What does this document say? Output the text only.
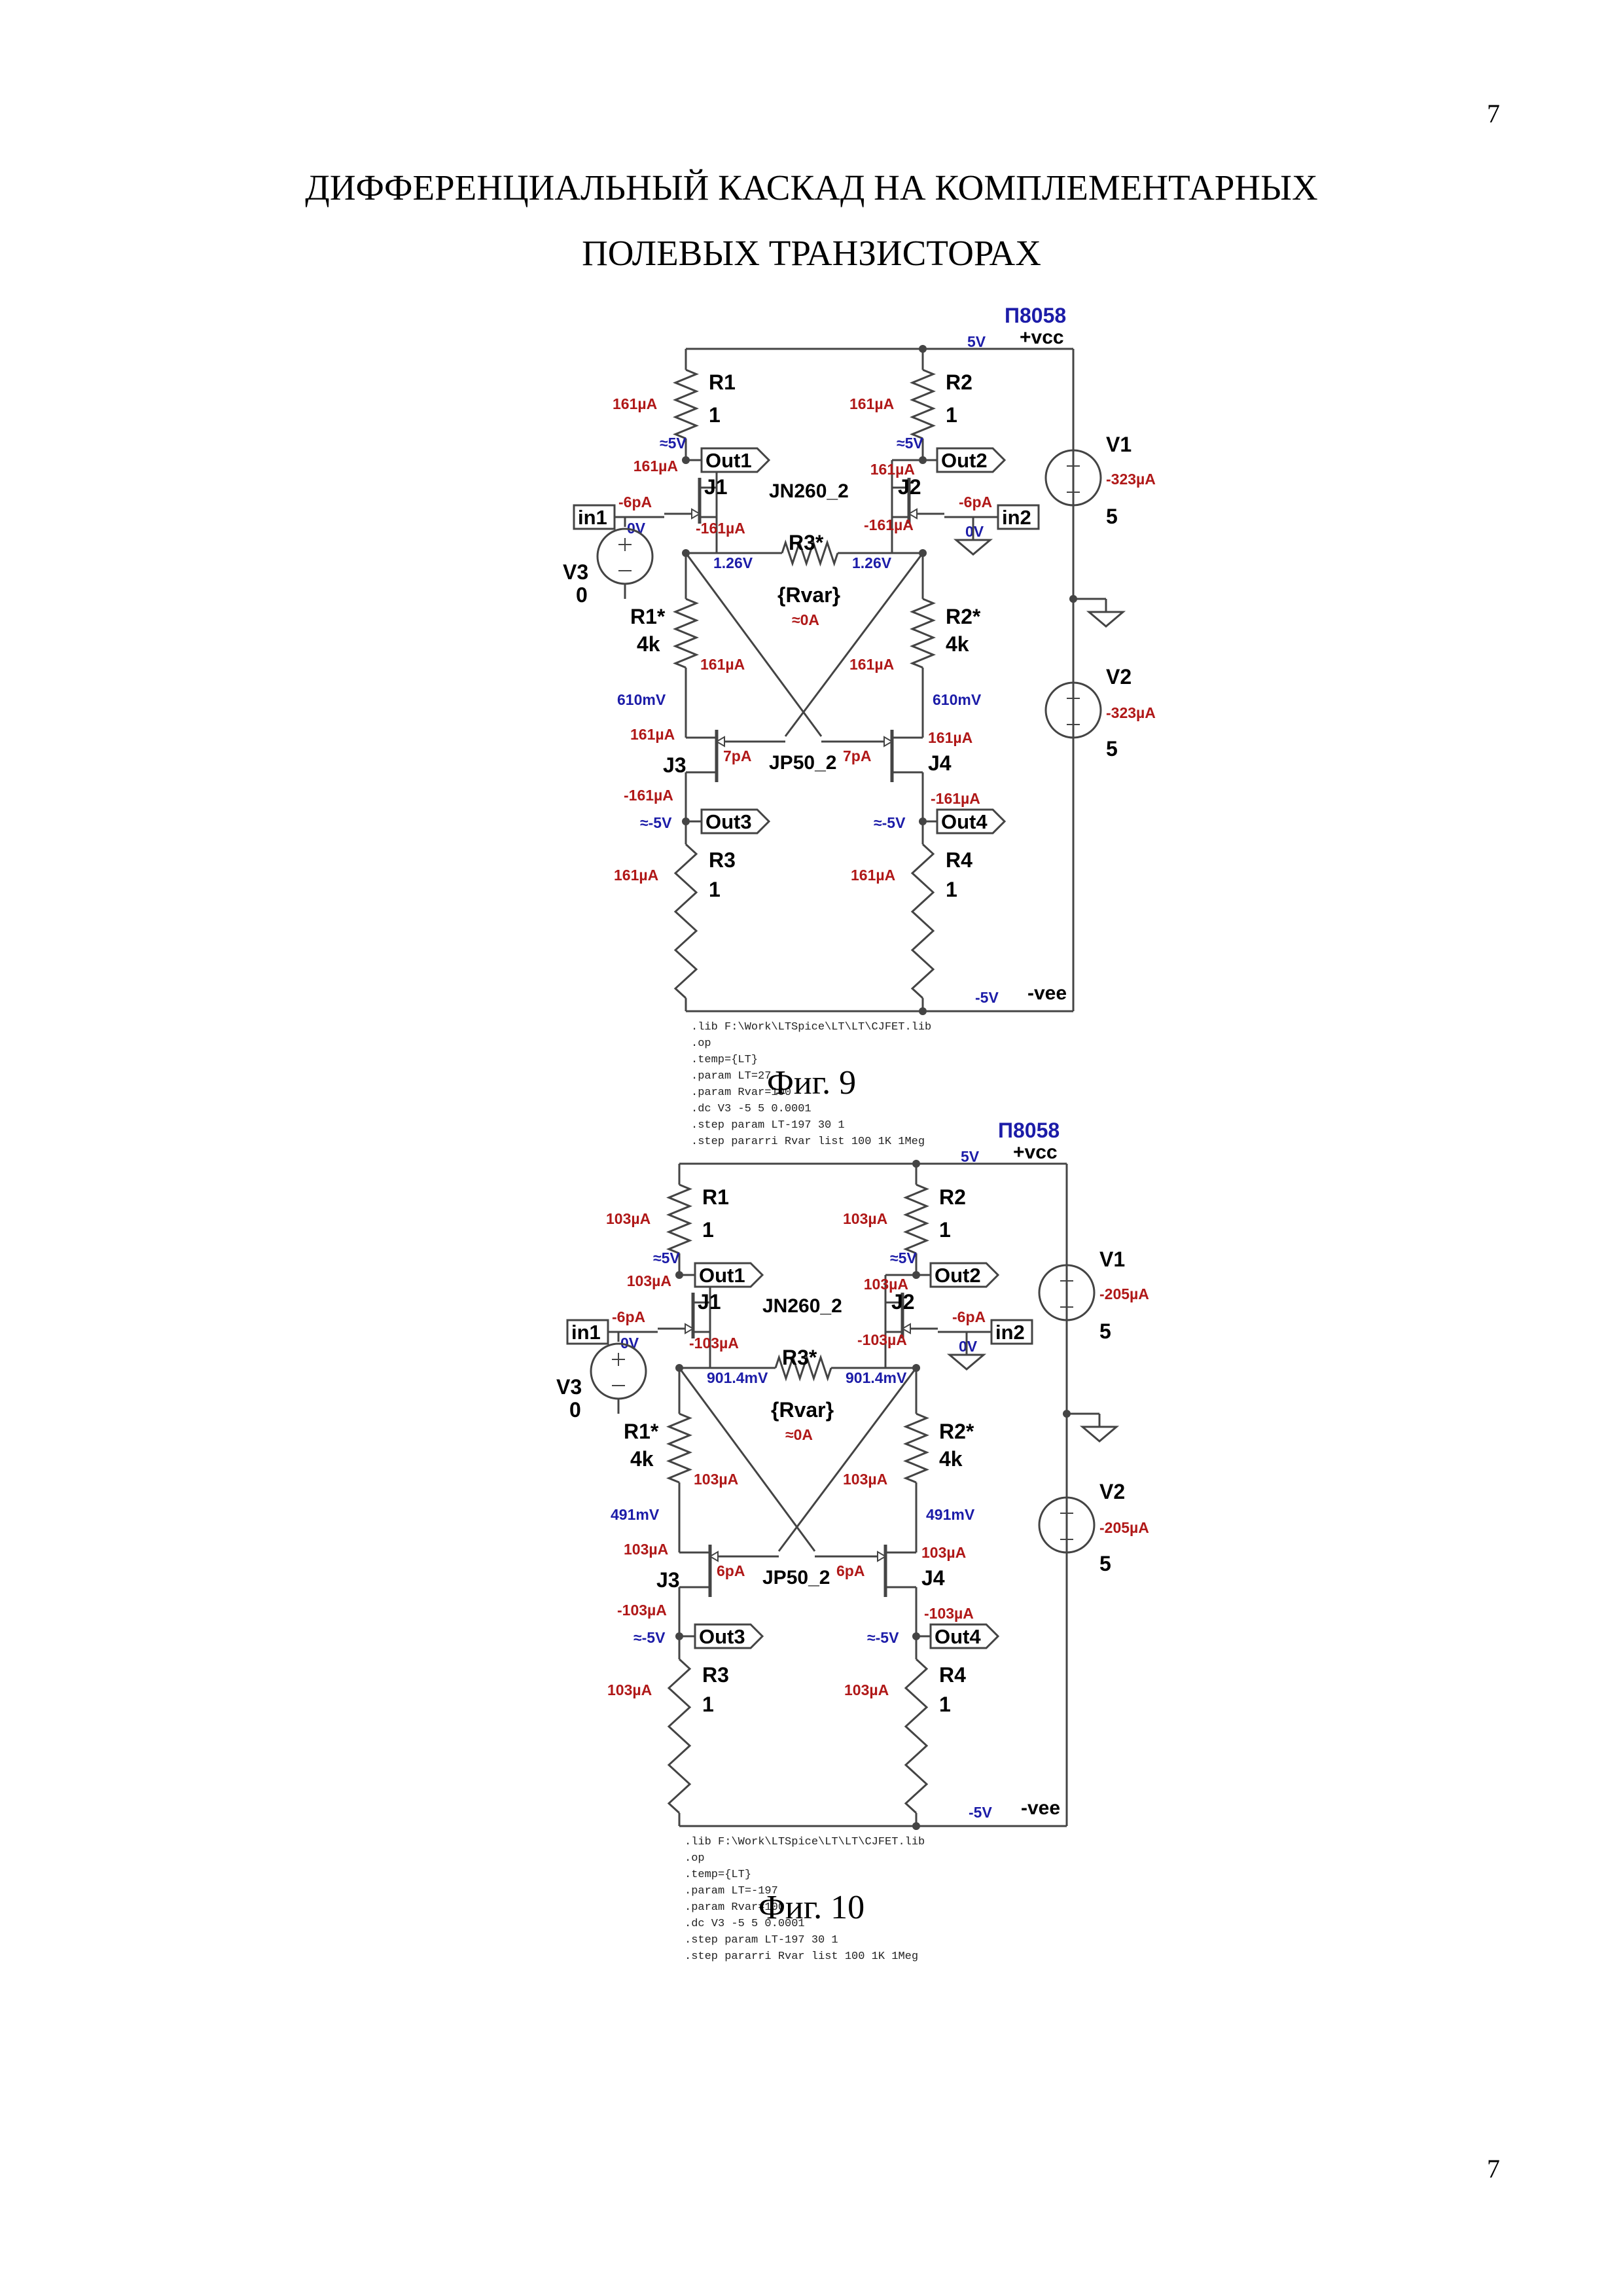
7
ДИФФЕРЕНЦИАЛЬНЫЙ КАСКАД НА КОМПЛЕМЕНТАРНЫХ
ПОЛЕВЫХ ТРАНЗИСТОРАХ
П8058
5V +vcc
R1
1
161µA
R2
1
161µA
≈5V	≈5V
Out1	Out2
161µA	161µA
J1	J2
JN260_2
in1	in2
-6pA	-6pA
0V	0V
-161µA	-161µA
V3
0
1.26V	1.26V
R3*
{Rvar}
≈0A
R1*
4k
R2*
4k
161µA	161µA
610mV	610mV
161µA	161µA
J3	J4
7pA	7pA
JP50_2
-161µA	-161µA
Out3	Out4
≈-5V	≈-5V
R3
1
161µA
R4
1
161µA
-5V -vee
V1
-323µA
5
V2
-323µA
5
.lib F:\Work\LTSpice\LT\LT\CJFET.lib
.op
.temp={LT}
.param LT=27
.param Rvar=100
.dc V3 -5 5 0.0001
.step param LT-197 30 1
.step pararri Rvar list 100 1K 1Meg
Фиг. 9
П8058
5V +vcc
R1
1
103µA
R2
1
103µA
≈5V	≈5V
Out1	Out2
103µA	103µA
J1	J2
JN260_2
in1	in2
-6pA	-6pA
0V	0V
-103µA	-103µA
V3
0
901.4mV	901.4mV
R3*
{Rvar}
≈0A
R1*
4k
R2*
4k
103µA	103µA
491mV	491mV
103µA	103µA
J3	J4
6pA	6pA
JP50_2
-103µA	-103µA
Out3	Out4
≈-5V	≈-5V
R3
1
103µA
R4
1
103µA
-5V -vee
V1
-205µA
5
V2
-205µA
5
.lib F:\Work\LTSpice\LT\LT\CJFET.lib
.op
.temp={LT}
.param LT=-197
.param Rvar=100
.dc V3 -5 5 0.0001
.step param LT-197 30 1
.step pararri Rvar list 100 1K 1Meg
Фиг. 10
7
